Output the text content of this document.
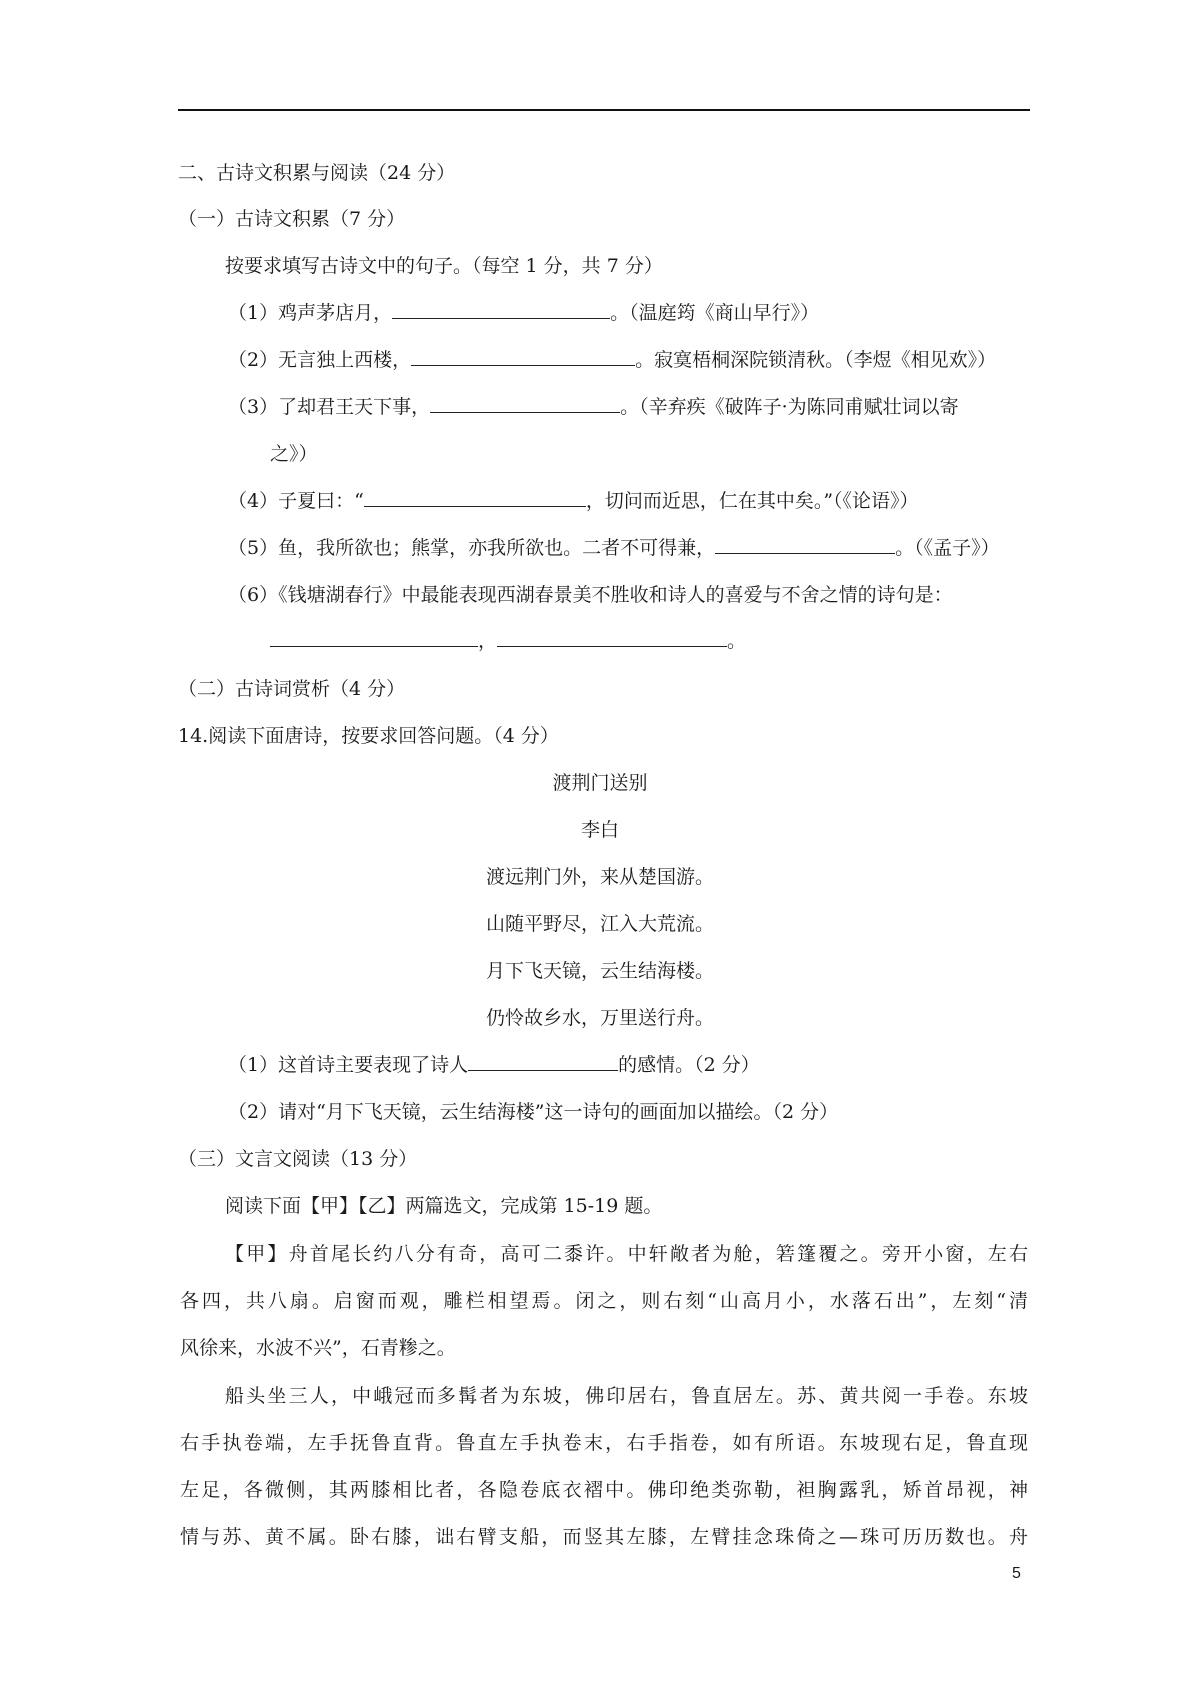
二、古诗文积累与阅读（24 分）
（一）古诗文积累（7 分）
按要求填写古诗文中的句子。（每空 1 分，共 7 分）
（1）鸡声茅店月，	。（温庭筠《商山早行》）
（2）无言独上西楼，	。寂寞梧桐深院锁清秋。（李煜《相见欢》）
（3）了却君王天下事，	。（辛弃疾《破阵子·为陈同甫赋壮词以寄
之》）
（4）子夏曰：“	，切问而近思，仁在其中矣。”（《论语》）
（5）鱼，我所欲也；熊掌，亦我所欲也。二者不可得兼，	。（《孟子》）
（6）《钱塘湖春行》中最能表现西湖春景美不胜收和诗人的喜爱与不舍之情的诗句是：
，	。
（二）古诗词赏析（4 分）
14.阅读下面唐诗，按要求回答问题。（4 分）
渡荆门送别
李白
渡远荆门外，来从楚国游。
山随平野尽，江入大荒流。
月下飞天镜，云生结海楼。
仍怜故乡水，万里送行舟。
（1）这首诗主要表现了诗人	的感情。（2 分）
（2）请对“月下飞天镜，云生结海楼”这一诗句的画面加以描绘。（2 分）
（三）文言文阅读（13 分）
阅读下面【甲】【乙】两篇选文，完成第 15-19 题。
【甲】舟首尾长约八分有奇，高可二黍许。中轩敞者为舱，箬篷覆之。旁开小窗，左右
各四，共八扇。启窗而观，雕栏相望焉。闭之，则右刻“山高月小，水落石出”，左刻“清
风徐来，水波不兴”，石青糁之。
船头坐三人，中峨冠而多髯者为东坡，佛印居右，鲁直居左。苏、黄共阅一手卷。东坡
右手执卷端，左手抚鲁直背。鲁直左手执卷末，右手指卷，如有所语。东坡现右足，鲁直现
左足，各微侧，其两膝相比者，各隐卷底衣褶中。佛印绝类弥勒，袒胸露乳，矫首昂视，神
情与苏、黄不属。卧右膝，诎右臂支船，而竖其左膝，左臂挂念珠倚之—珠可历历数也。舟
5
